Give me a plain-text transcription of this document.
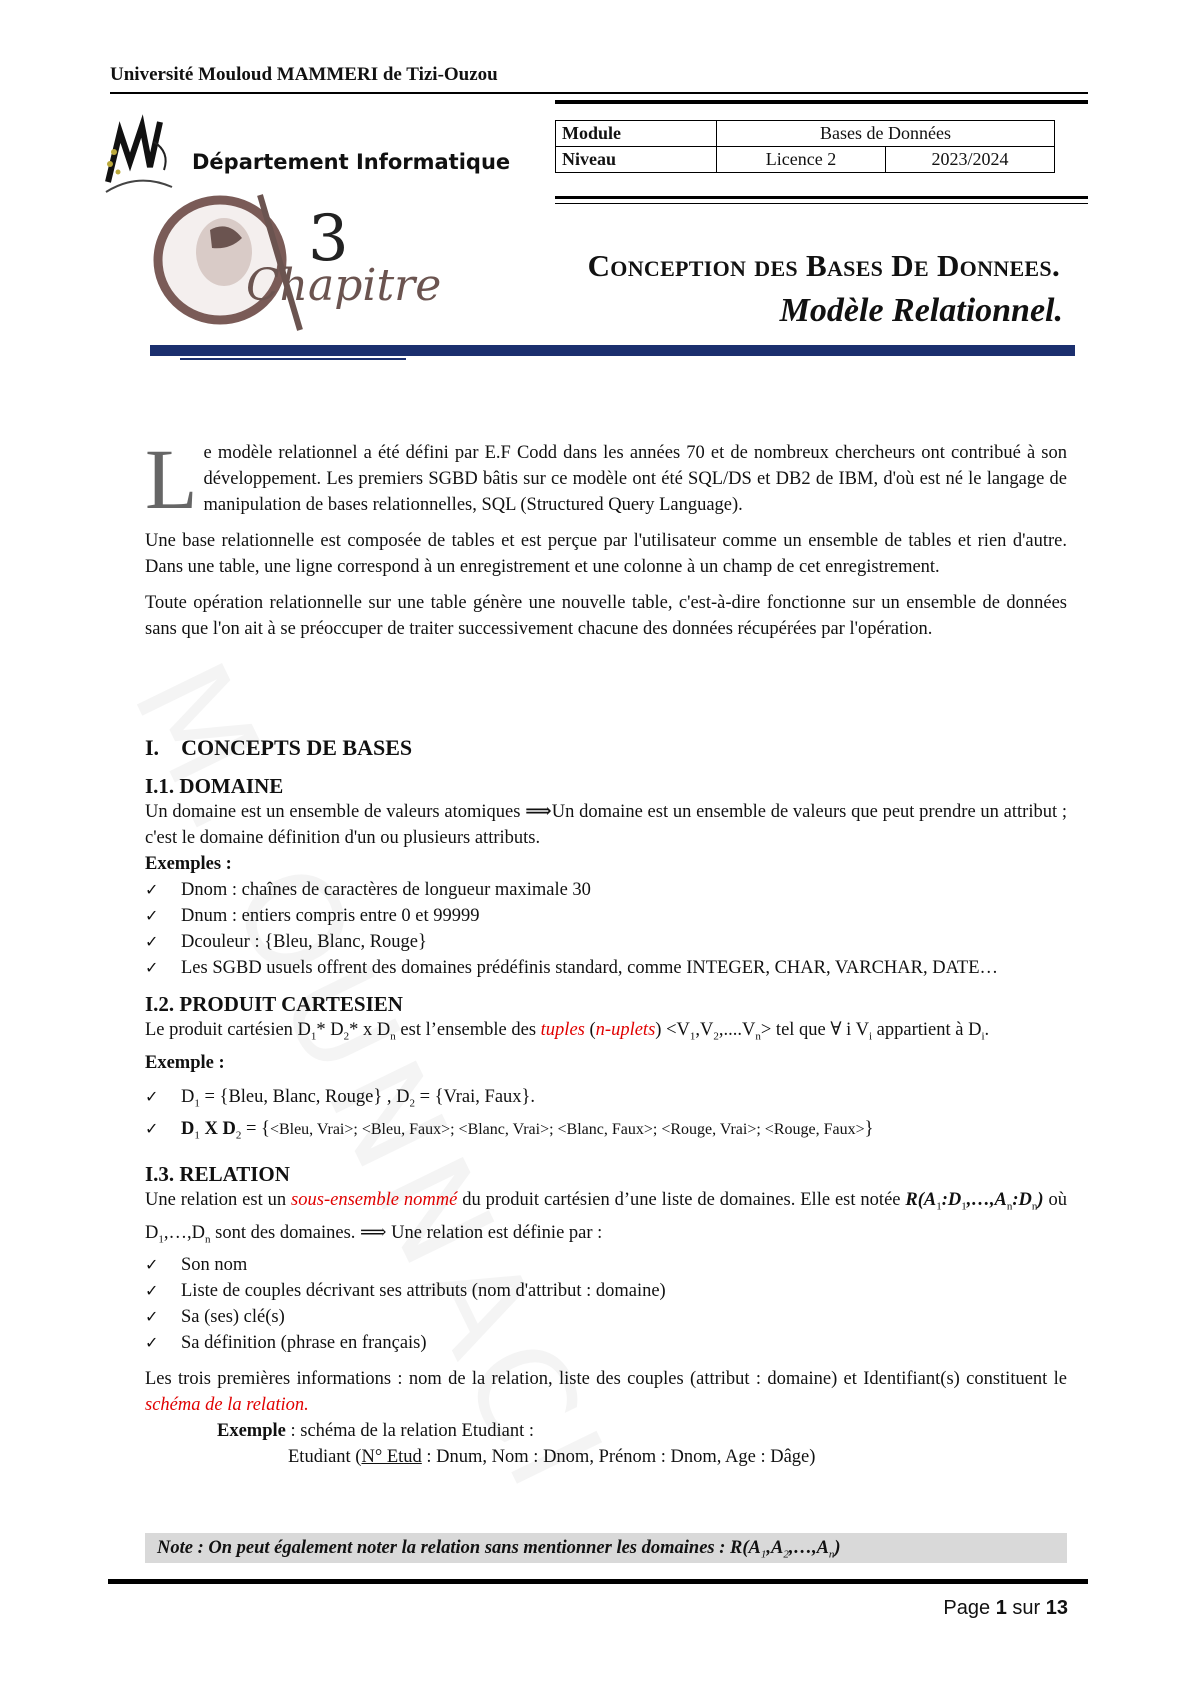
Université Mouloud MAMMERI de Tizi-Ouzou
Département Informatique
Module	Bases de Données	
Niveau	Licence 2	2023/2024
3
Chapitre	Conception des Bases De Donnees.
Modèle Relationnel.

Le modèle relationnel a été défini par E.F Codd dans les années 70 et de nombreux chercheurs ont contribué à son développement. Les premiers SGBD bâtis sur ce modèle ont été SQL/DS et DB2 de IBM, d'où est né le langage de manipulation de bases relationnelles, SQL (Structured Query Language).

Une base relationnelle est composée de tables et est perçue par l'utilisateur comme un ensemble de tables et rien d'autre. Dans une table, une ligne correspond à un enregistrement et une colonne à un champ de cet enregistrement.

Toute opération relationnelle sur une table génère une nouvelle table, c'est-à-dire fonctionne sur un ensemble de données sans que l'on ait à se préoccuper de traiter successivement chacune des données récupérées par l'opération.

I. CONCEPTS DE BASES
I.1. DOMAINE
Un domaine est un ensemble de valeurs atomiques ⟹Un domaine est un ensemble de valeurs que peut prendre un attribut ; c'est le domaine définition d'un ou plusieurs attributs.
Exemples :
✓ Dnom : chaînes de caractères de longueur maximale 30
✓ Dnum : entiers compris entre 0 et 99999
✓ Dcouleur : {Bleu, Blanc, Rouge}
✓ Les SGBD usuels offrent des domaines prédéfinis standard, comme INTEGER, CHAR, VARCHAR, DATE…
I.2. PRODUIT CARTESIEN
Le produit cartésien $D_1*$ $D_2*$ x $D_n$ est l’ensemble des tuples (n-uplets) $<V_1,V_2,....V_n>$ tel que ∀ i $V_i$ appartient à $D_i$.
Exemple :
✓ $D_1$ = {Bleu, Blanc, Rouge} , $D_2$ = {Vrai, Faux}.
✓ $D_1$ X $D_2$ = {<Bleu, Vrai>; <Bleu, Faux>; <Blanc, Vrai>; <Blanc, Faux>; <Rouge, Vrai>; <Rouge, Faux>}
I.3. RELATION
Une relation est un sous-ensemble nommé du produit cartésien d’une liste de domaines. Elle est notée $R(A_1:D_1,\dots,A_n:D_n)$ où $D_1,\dots,D_n$ sont des domaines. ⟹ Une relation est définie par :
✓ Son nom
✓ Liste de couples décrivant ses attributs (nom d'attribut : domaine)
✓ Sa (ses) clé(s)
✓ Sa définition (phrase en français)
Les trois premières informations : nom de la relation, liste des couples (attribut : domaine) et Identifiant(s) constituent le schéma de la relation.
Exemple : schéma de la relation Etudiant :
Etudiant (N° Etud : Dnum, Nom : Dnom, Prénom : Dnom, Age : Dâge)
Note : On peut également noter la relation sans mentionner les domaines : $R(A_1,A_2,\dots,A_n)$
Page 1 sur 13
